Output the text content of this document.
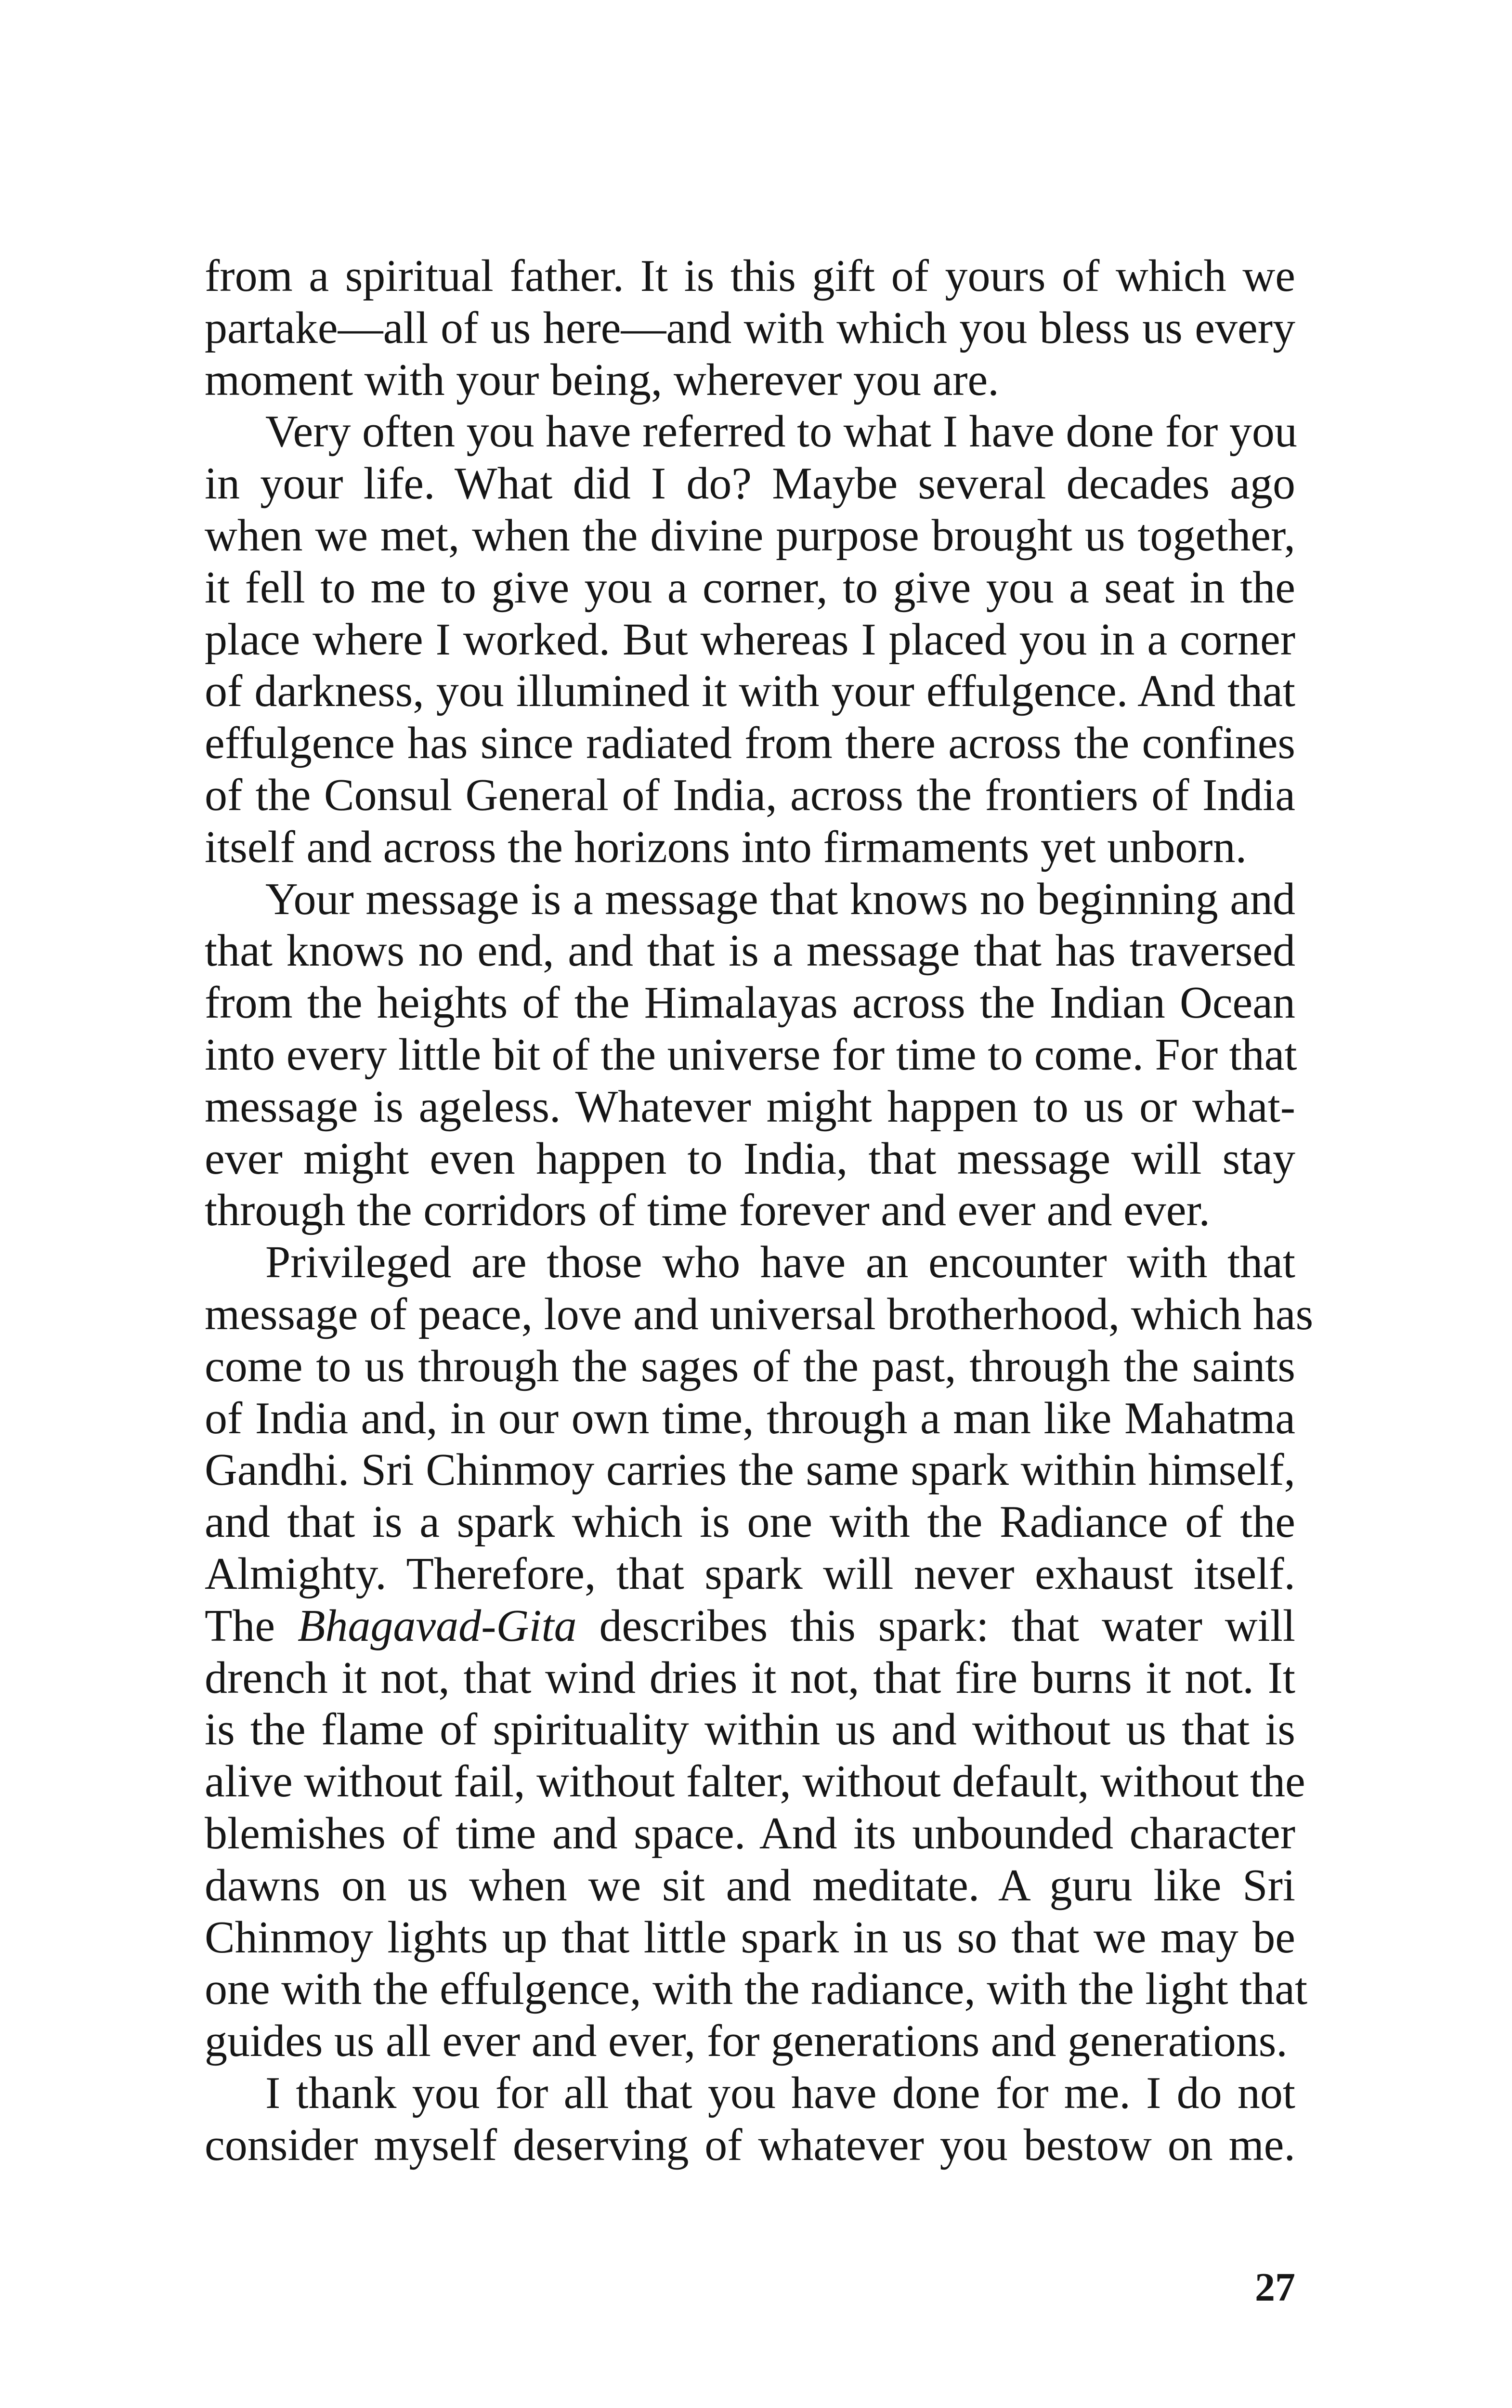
from a spiritual father. It is this gift of yours of which we
partake—all of us here—and with which you bless us every
moment with your being, wherever you are.
Very often you have referred to what I have done for you
in your life. What did I do? Maybe several decades ago
when we met, when the divine purpose brought us together,
it fell to me to give you a corner, to give you a seat in the
place where I worked. But whereas I placed you in a corner
of darkness, you illumined it with your effulgence. And that
effulgence has since radiated from there across the confines
of the Consul General of India, across the frontiers of India
itself and across the horizons into firmaments yet unborn.
Your message is a message that knows no beginning and
that knows no end, and that is a message that has traversed
from the heights of the Himalayas across the Indian Ocean
into every little bit of the universe for time to come. For that
message is ageless. Whatever might happen to us or what-
ever might even happen to India, that message will stay
through the corridors of time forever and ever and ever.
Privileged are those who have an encounter with that
message of peace, love and universal brotherhood, which has
come to us through the sages of the past, through the saints
of India and, in our own time, through a man like Mahatma
Gandhi. Sri Chinmoy carries the same spark within himself,
and that is a spark which is one with the Radiance of the
Almighty. Therefore, that spark will never exhaust itself.
The Bhagavad-Gita describes this spark: that water will
drench it not, that wind dries it not, that fire burns it not. It
is the flame of spirituality within us and without us that is
alive without fail, without falter, without default, without the
blemishes of time and space. And its unbounded character
dawns on us when we sit and meditate. A guru like Sri
Chinmoy lights up that little spark in us so that we may be
one with the effulgence, with the radiance, with the light that
guides us all ever and ever, for generations and generations.
I thank you for all that you have done for me. I do not
consider myself deserving of whatever you bestow on me.
27
